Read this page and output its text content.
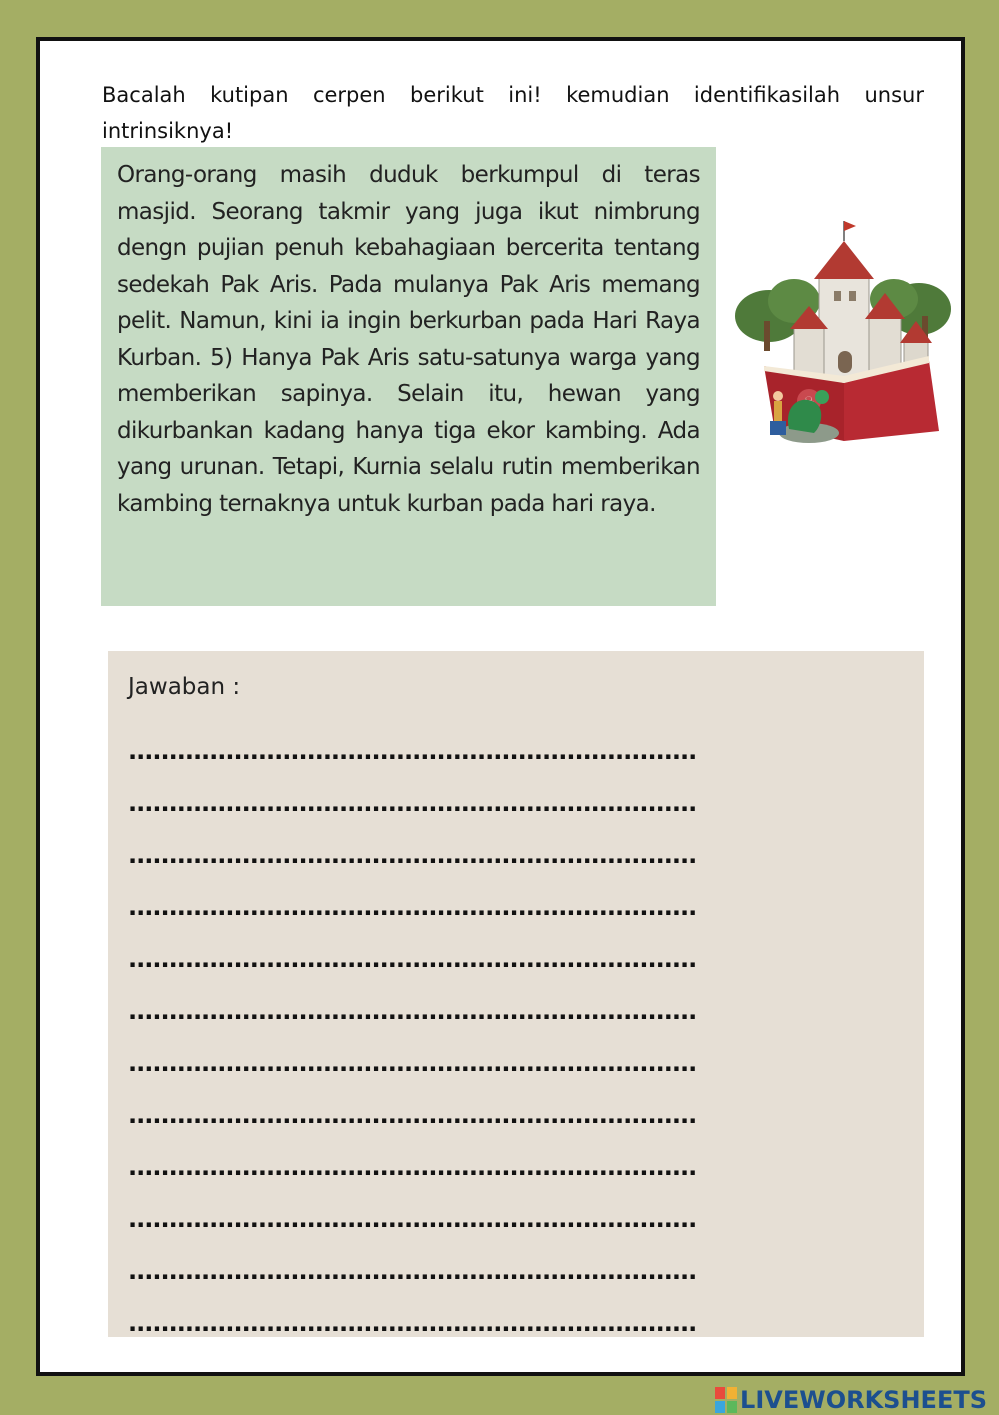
Bacalah kutipan cerpen berikut ini! kemudian identifikasilah unsur intrinsiknya!

Orang-orang masih duduk berkumpul di teras masjid. Seorang takmir yang juga ikut nimbrung dengn pujian penuh kebahagiaan bercerita tentang sedekah Pak Aris. Pada mulanya Pak Aris memang pelit. Namun, kini ia ingin berkurban pada Hari Raya Kurban. 5) Hanya Pak Aris satu-satunya warga yang memberikan sapinya. Selain itu, hewan yang dikurbankan kadang hanya tiga ekor kambing. Ada yang urunan. Tetapi, Kurnia selalu rutin memberikan kambing ternaknya untuk kurban pada hari raya.

Jawaban :

......................................................................
......................................................................
......................................................................
......................................................................
......................................................................
......................................................................
......................................................................
......................................................................
......................................................................
......................................................................
......................................................................
......................................................................
LIVEWORKSHEETS
